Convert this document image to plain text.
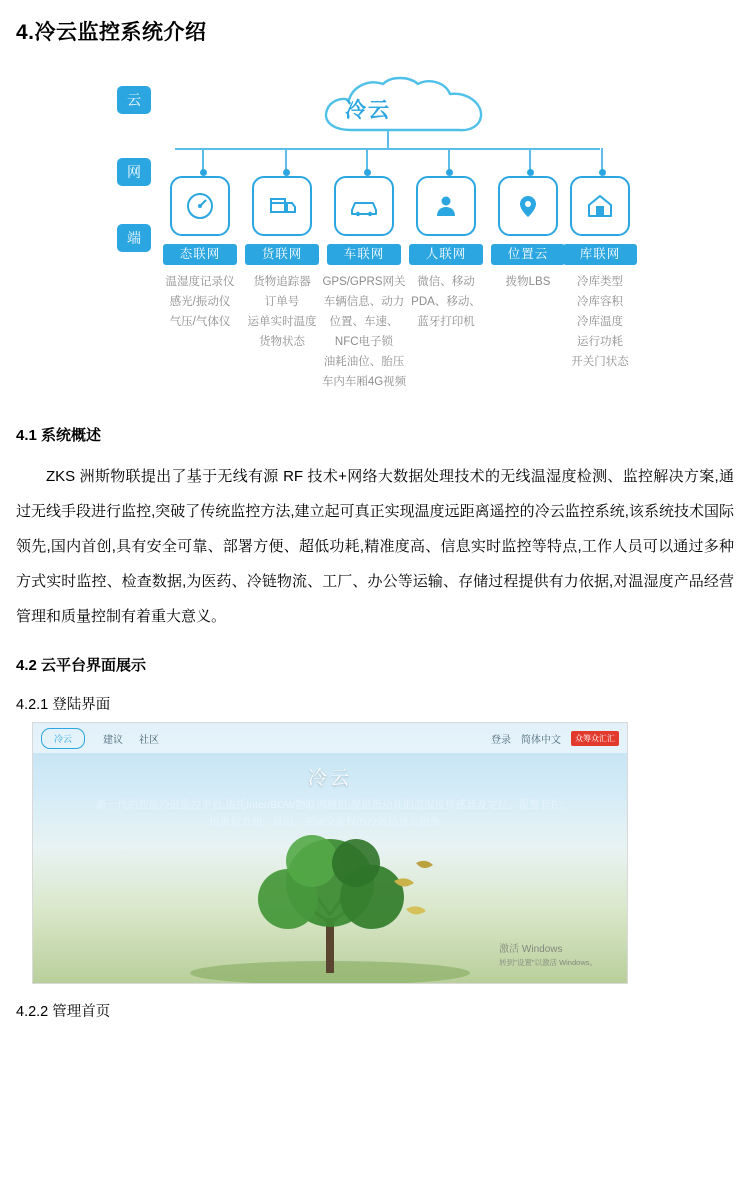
4.冷云监控系统介绍
云
网
端
冷云
态联网
温湿度记录仪
感光/振动仪
气压/气体仪
货联网
货物追踪器
订单号
运单实时温度
货物状态
车联网
GPS/GPRS网关
车辆信息、动力
位置、车速、
NFC电子锁
油耗油位、胎压
车内车厢4G视频
人联网
微信、移动
PDA、移动、
蓝牙打印机
位置云
拨物LBS
库联网
冷库类型
冷库容积
冷库温度
运行功耗
开关门状态
4.1 系统概述

ZKS 洲斯物联提出了基于无线有源 RF 技术+网络大数据处理技术的无线温湿度检测、监控解决方案,通过无线手段进行监控,突破了传统监控方法,建立起可真正实现温度远距离遥控的冷云监控系统,该系统技术国际领先,国内首创,具有安全可靠、部署方便、超低功耗,精准度高、信息实时监控等特点,工作人员可以通过多种方式实时监控、检查数据,为医药、冷链物流、工厂、办公等运输、存储过程提供有力依据,对温湿度产品经营管理和质量控制有着重大意义。

4.2 云平台界面展示

4.2.1 登陆界面

冷云	建议 社区	登录 简体中文	众筹众汇汇
冷云
新一代的智能冷链监控平台,依托Inter/BOW物联网模组,提供低功耗的温湿度传感器及定位、报警套件;提供最方便、易用、更面全流程的冷链信迹云服务。
激活 Windows
转到"设置"以激活 Windows。

4.2.2 管理首页
